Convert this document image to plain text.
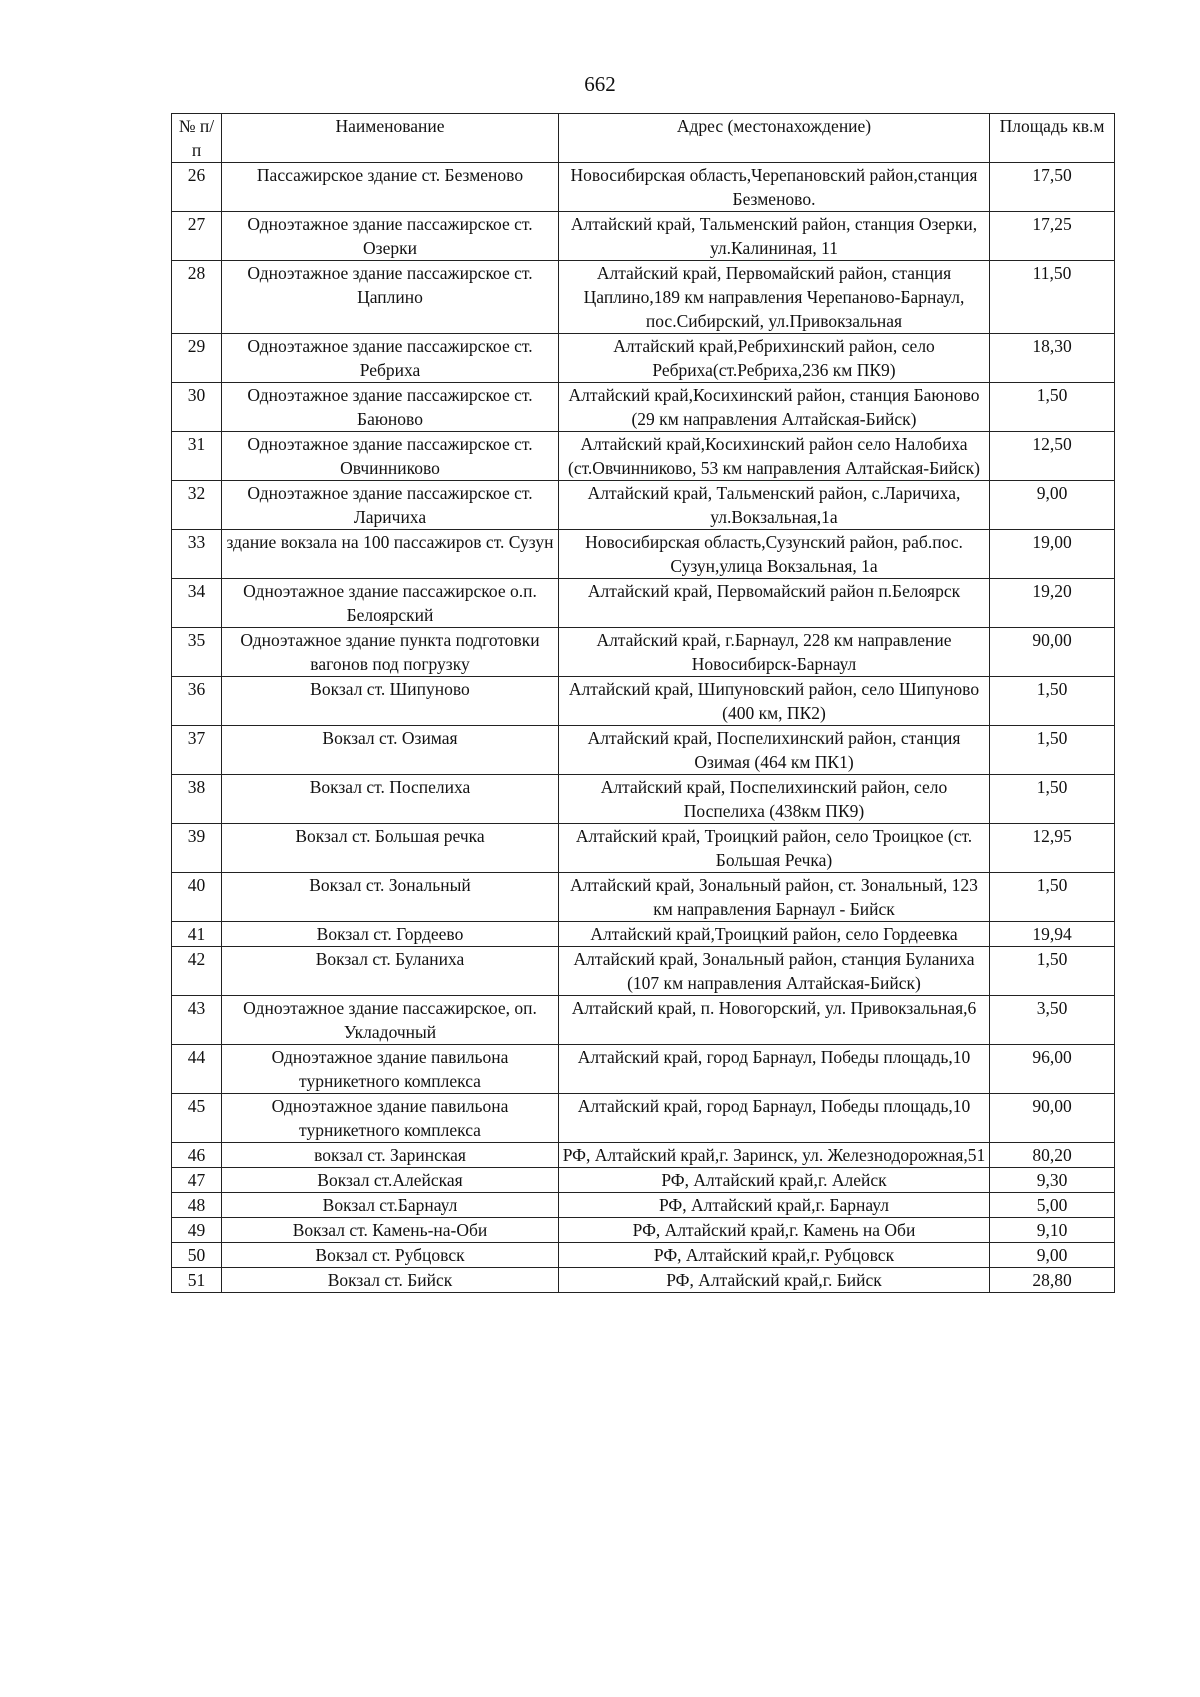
662
№ п/п	Наименование	Адрес (местонахождение)	Площадь кв.м
26	Пассажирское здание ст. Безменово	Новосибирская область,Черепановский район,станция Безменово.	17,50
27	Одноэтажное здание пассажирское ст. Озерки	Алтайский край, Тальменский район, станция Озерки, ул.Калининая, 11	17,25
28	Одноэтажное здание пассажирское ст. Цаплино	Алтайский край, Первомайский район, станция Цаплино,189 км направления Черепаново-Барнаул, пос.Сибирский, ул.Привокзальная	11,50
29	Одноэтажное здание пассажирское ст. Ребриха	Алтайский край,Ребрихинский район, село Ребриха(ст.Ребриха,236 км ПК9)	18,30
30	Одноэтажное здание пассажирское ст. Баюново	Алтайский край,Косихинский район, станция Баюново (29 км направления Алтайская-Бийск)	1,50
31	Одноэтажное здание пассажирское ст. Овчинниково	Алтайский край,Косихинский район село Налобиха (ст.Овчинниково, 53 км направления Алтайская-Бийск)	12,50
32	Одноэтажное здание пассажирское ст. Ларичиха	Алтайский край, Тальменский район, с.Ларичиха, ул.Вокзальная,1а	9,00
33	здание вокзала на 100 пассажиров ст. Сузун	Новосибирская область,Сузунский район, раб.пос. Сузун,улица Вокзальная, 1а	19,00
34	Одноэтажное здание пассажирское о.п. Белоярский	Алтайский край, Первомайский район п.Белоярск	19,20
35	Одноэтажное здание пункта подготовки вагонов под погрузку	Алтайский край, г.Барнаул, 228 км направление Новосибирск-Барнаул	90,00
36	Вокзал ст. Шипуново	Алтайский край, Шипуновский район, село Шипуново (400 км, ПК2)	1,50
37	Вокзал ст. Озимая	Алтайский край, Поспелихинский район, станция Озимая (464 км ПК1)	1,50
38	Вокзал ст. Поспелиха	Алтайский край, Поспелихинский район, село Поспелиха (438км ПК9)	1,50
39	Вокзал ст. Большая речка	Алтайский край, Троицкий район, село Троицкое (ст. Большая Речка)	12,95
40	Вокзал ст. Зональный	Алтайский край, Зональный район, ст. Зональный, 123 км направления Барнаул - Бийск	1,50
41	Вокзал ст. Гордеево	Алтайский край,Троицкий район, село Гордеевка	19,94
42	Вокзал ст. Буланиха	Алтайский край, Зональный район, станция Буланиха (107 км направления Алтайская-Бийск)	1,50
43	Одноэтажное здание пассажирское, оп. Укладочный	Алтайский край, п. Новогорский, ул. Привокзальная,6	3,50
44	Одноэтажное здание павильона турникетного комплекса	Алтайский край, город Барнаул, Победы площадь,10	96,00
45	Одноэтажное здание павильона турникетного комплекса	Алтайский край, город Барнаул, Победы площадь,10	90,00
46	вокзал ст. Заринская	РФ, Алтайский край,г. Заринск, ул. Железнодорожная,51	80,20
47	Вокзал ст.Алейская	РФ, Алтайский край,г. Алейск	9,30
48	Вокзал ст.Барнаул	РФ, Алтайский край,г. Барнаул	5,00
49	Вокзал ст. Камень-на-Оби	РФ, Алтайский край,г. Камень на Оби	9,10
50	Вокзал ст. Рубцовск	РФ, Алтайский край,г. Рубцовск	9,00
51	Вокзал ст. Бийск	РФ, Алтайский край,г. Бийск	28,80
